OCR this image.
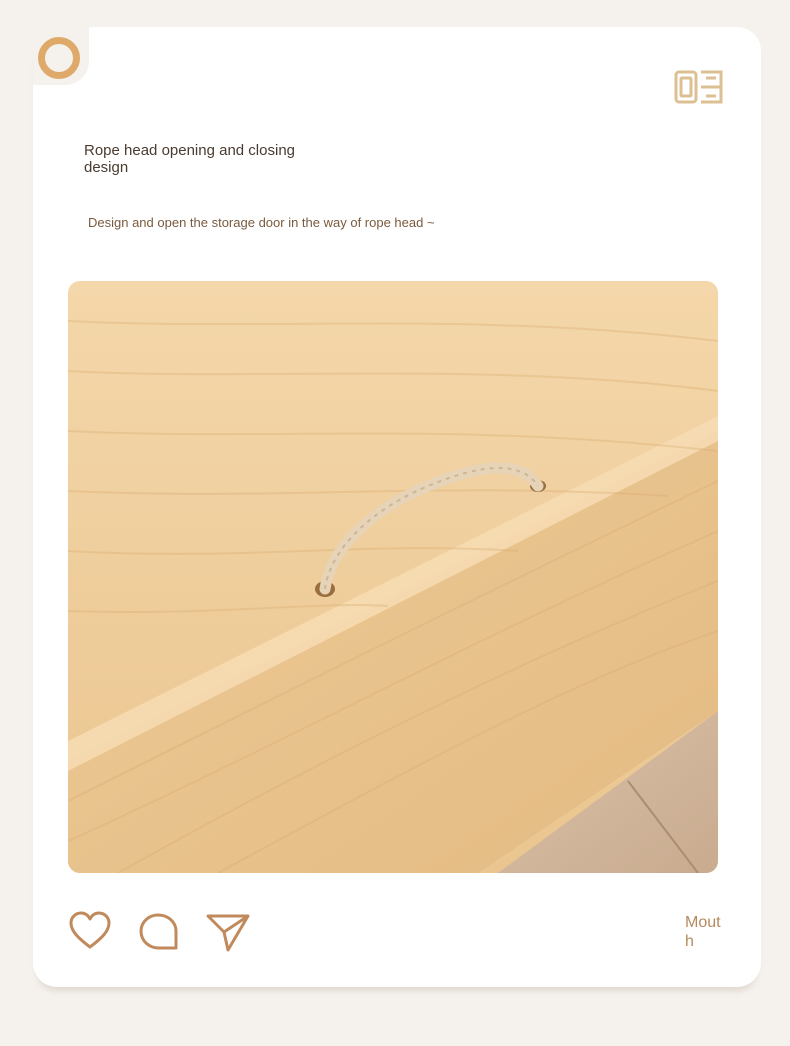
Rope head opening and closing design

Design and open the storage door in the way of rope head ~

Mouth
